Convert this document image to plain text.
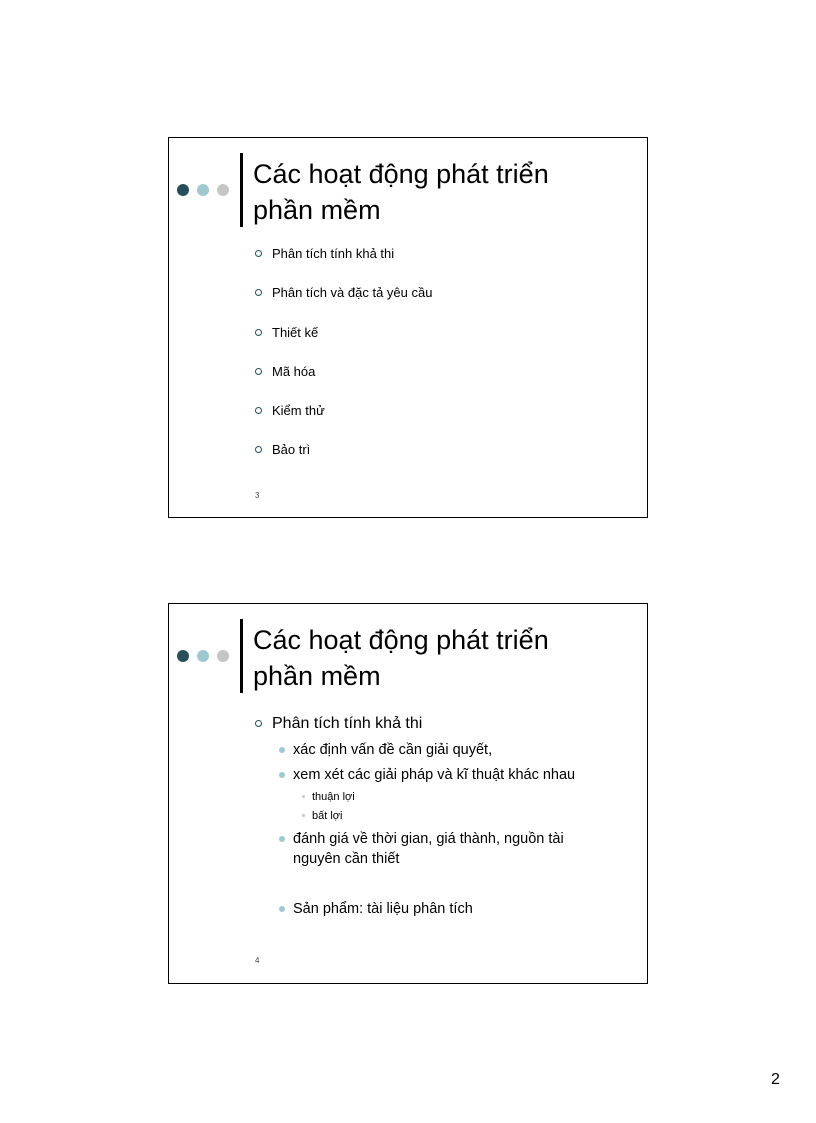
Các hoạt động phát triển
phần mềm
Phân tích tính khả thi
Phân tích và đặc tả yêu cầu
Thiết kế
Mã hóa
Kiểm thử
Bảo trì
3
Các hoạt động phát triển
phần mềm
Phân tích tính khả thi
xác định vấn đề cần giải quyết,
xem xét các giải pháp và kĩ thuật khác nhau
thuận lợi
bất lợi
đánh giá về thời gian, giá thành, nguồn tài
nguyên cần thiết
Sản phẩm: tài liệu phân tích
4
2
